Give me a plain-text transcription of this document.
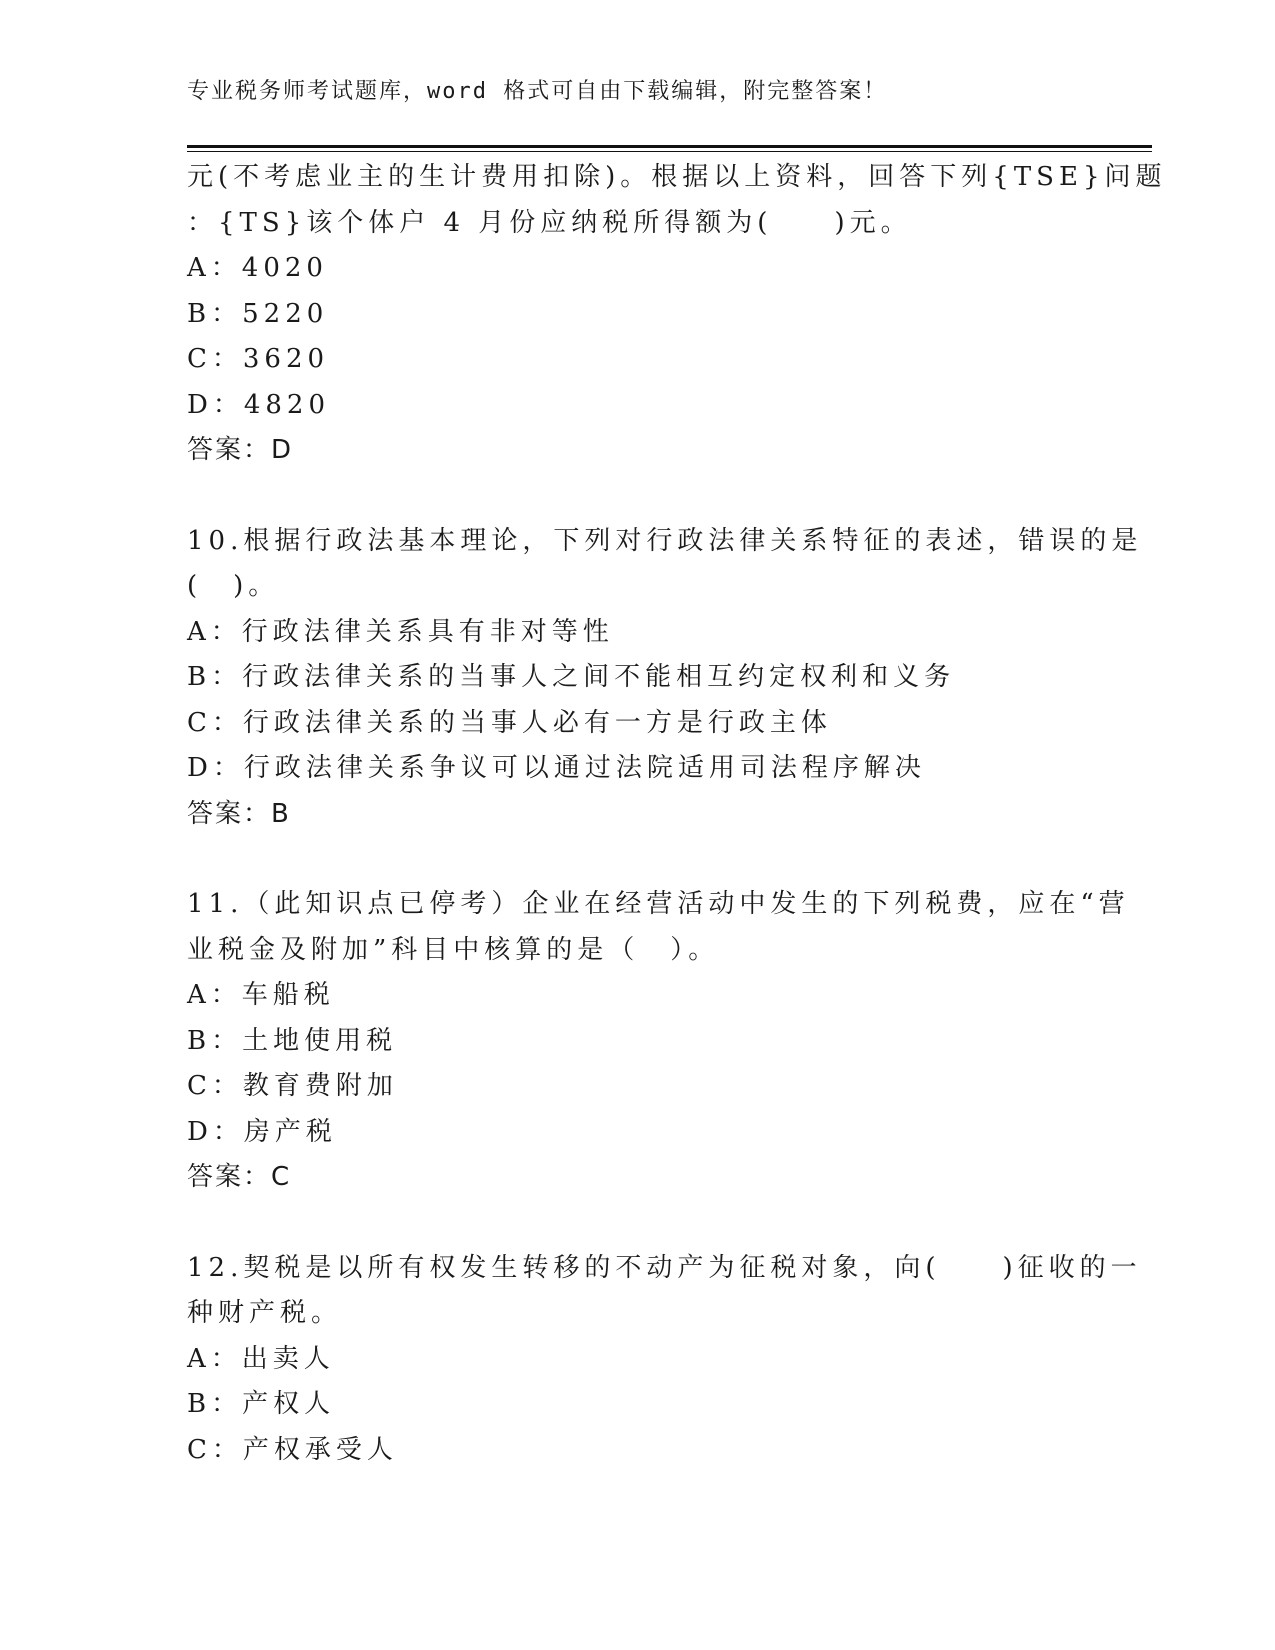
专业税务师考试题库，word 格式可自由下载编辑，附完整答案！
元(不考虑业主的生计费用扣除)。根据以上资料，回答下列{TSE}问题
：{TS}该个体户 4 月份应纳税所得额为(　　)元。
A：4020
B：5220
C：3620
D：4820
答案：D
10.根据行政法基本理论，下列对行政法律关系特征的表述，错误的是
(　)。
A：行政法律关系具有非对等性
B：行政法律关系的当事人之间不能相互约定权利和义务
C：行政法律关系的当事人必有一方是行政主体
D：行政法律关系争议可以通过法院适用司法程序解决
答案：B
11.（此知识点已停考）企业在经营活动中发生的下列税费，应在“营
业税金及附加”科目中核算的是（　）。
A：车船税
B：土地使用税
C：教育费附加
D：房产税
答案：C
12.契税是以所有权发生转移的不动产为征税对象，向(　　)征收的一
种财产税。
A：出卖人
B：产权人
C：产权承受人
